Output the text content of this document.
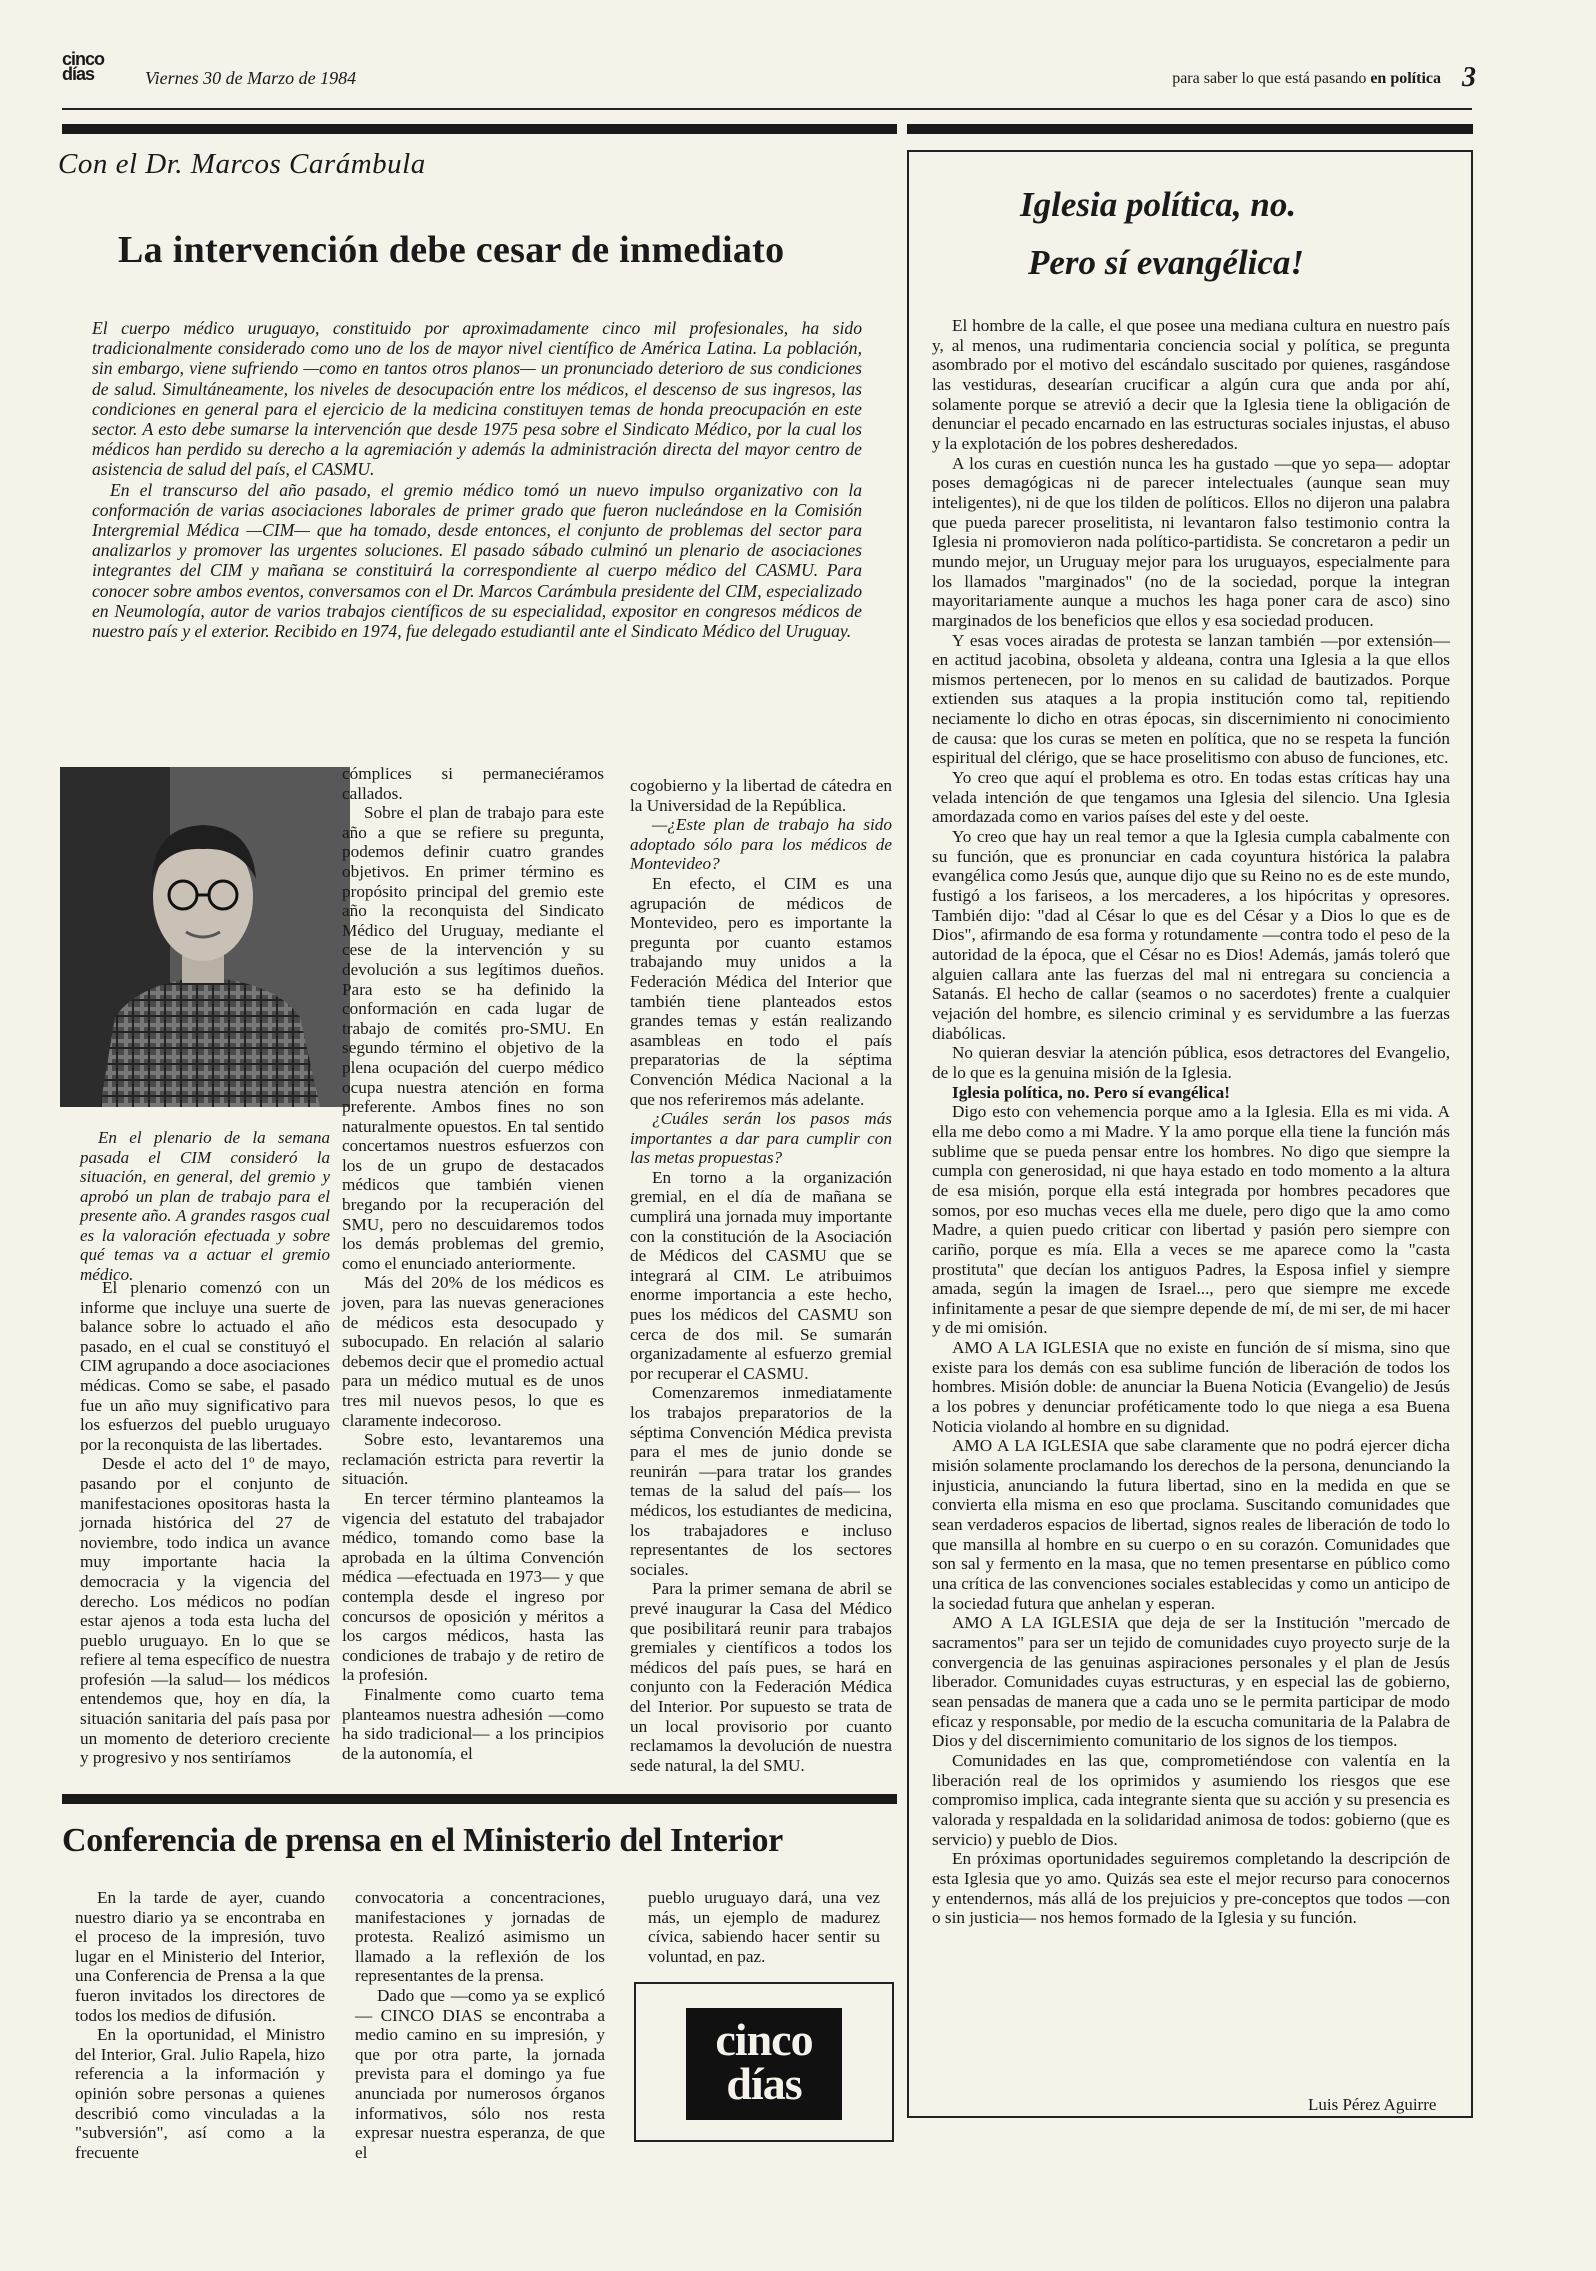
cinco
días	Viernes 30 de Marzo de 1984	para saber lo que está pasando en política 3
Con el Dr. Marcos Carámbula
La intervención debe cesar de inmediato

El cuerpo médico uruguayo, constituido por aproximadamente cinco mil profesionales, ha sido tradicionalmente considerado como uno de los de mayor nivel científico de América Latina. La población, sin embargo, viene sufriendo —como en tantos otros planos— un pronunciado deterioro de sus condiciones de salud. Simultáneamente, los niveles de desocupación entre los médicos, el descenso de sus ingresos, las condiciones en general para el ejercicio de la medicina constituyen temas de honda preocupación en este sector. A esto debe sumarse la intervención que desde 1975 pesa sobre el Sindicato Médico, por la cual los médicos han perdido su derecho a la agremiación y además la administración directa del mayor centro de asistencia de salud del país, el CASMU.

En el transcurso del año pasado, el gremio médico tomó un nuevo impulso organizativo con la conformación de varias asociaciones laborales de primer grado que fueron nucleándose en la Comisión Intergremial Médica —CIM— que ha tomado, desde entonces, el conjunto de problemas del sector para analizarlos y promover las urgentes soluciones. El pasado sábado culminó un plenario de asociaciones integrantes del CIM y mañana se constituirá la correspondiente al cuerpo médico del CASMU. Para conocer sobre ambos eventos, conversamos con el Dr. Marcos Carámbula presidente del CIM, especializado en Neumología, autor de varios trabajos científicos de su especialidad, expositor en congresos médicos de nuestro país y el exterior. Recibido en 1974, fue delegado estudiantil ante el Sindicato Médico del Uruguay.

En el plenario de la semana pasada el CIM consideró la situación, en general, del gremio y aprobó un plan de trabajo para el presente año. A grandes rasgos cual es la valoración efectuada y sobre qué temas va a actuar el gremio médico.

El plenario comenzó con un informe que incluye una suerte de balance sobre lo actuado el año pasado, en el cual se constituyó el CIM agrupando a doce asociaciones médicas. Como se sabe, el pasado fue un año muy significativo para los esfuerzos del pueblo uruguayo por la reconquista de las libertades.

Desde el acto del 1º de mayo, pasando por el conjunto de manifestaciones opositoras hasta la jornada histórica del 27 de noviembre, todo indica un avance muy importante hacia la democracia y la vigencia del derecho. Los médicos no podían estar ajenos a toda esta lucha del pueblo uruguayo. En lo que se refiere al tema específico de nuestra profesión —la salud— los médicos entendemos que, hoy en día, la situación sanitaria del país pasa por un momento de deterioro creciente y progresivo y nos sentiríamos

cómplices si permaneciéramos callados.

Sobre el plan de trabajo para este año a que se refiere su pregunta, podemos definir cuatro grandes objetivos. En primer término es propósito principal del gremio este año la reconquista del Sindicato Médico del Uruguay, mediante el cese de la intervención y su devolución a sus legítimos dueños. Para esto se ha definido la conformación en cada lugar de trabajo de comités pro-SMU. En segundo término el objetivo de la plena ocupación del cuerpo médico ocupa nuestra atención en forma preferente. Ambos fines no son naturalmente opuestos. En tal sentido concertamos nuestros esfuerzos con los de un grupo de destacados médicos que también vienen bregando por la recuperación del SMU, pero no descuidaremos todos los demás problemas del gremio, como el enunciado anteriormente.

Más del 20% de los médicos es joven, para las nuevas generaciones de médicos esta desocupado y subocupado. En relación al salario debemos decir que el promedio actual para un médico mutual es de unos tres mil nuevos pesos, lo que es claramente indecoroso.

Sobre esto, levantaremos una reclamación estricta para revertir la situación.

En tercer término planteamos la vigencia del estatuto del trabajador médico, tomando como base la aprobada en la última Convención médica —efectuada en 1973— y que contempla desde el ingreso por concursos de oposición y méritos a los cargos médicos, hasta las condiciones de trabajo y de retiro de la profesión.

Finalmente como cuarto tema planteamos nuestra adhesión —como ha sido tradicional— a los principios de la autonomía, el

cogobierno y la libertad de cátedra en la Universidad de la República.

—¿Este plan de trabajo ha sido adoptado sólo para los médicos de Montevideo?

En efecto, el CIM es una agrupación de médicos de Montevideo, pero es importante la pregunta por cuanto estamos trabajando muy unidos a la Federación Médica del Interior que también tiene planteados estos grandes temas y están realizando asambleas en todo el país preparatorias de la séptima Convención Médica Nacional a la que nos referiremos más adelante.

¿Cuáles serán los pasos más importantes a dar para cumplir con las metas propuestas?

En torno a la organización gremial, en el día de mañana se cumplirá una jornada muy importante con la constitución de la Asociación de Médicos del CASMU que se integrará al CIM. Le atribuimos enorme importancia a este hecho, pues los médicos del CASMU son cerca de dos mil. Se sumarán organizadamente al esfuerzo gremial por recuperar el CASMU.

Comenzaremos inmediatamente los trabajos preparatorios de la séptima Convención Médica prevista para el mes de junio donde se reunirán —para tratar los grandes temas de la salud del país— los médicos, los estudiantes de medicina, los trabajadores e incluso representantes de los sectores sociales.

Para la primer semana de abril se prevé inaugurar la Casa del Médico que posibilitará reunir para trabajos gremiales y científicos a todos los médicos del país pues, se hará en conjunto con la Federación Médica del Interior. Por supuesto se trata de un local provisorio por cuanto reclamamos la devolución de nuestra sede natural, la del SMU.

Conferencia de prensa en el Ministerio del Interior

En la tarde de ayer, cuando nuestro diario ya se encontraba en el proceso de la impresión, tuvo lugar en el Ministerio del Interior, una Conferencia de Prensa a la que fueron invitados los directores de todos los medios de difusión.

En la oportunidad, el Ministro del Interior, Gral. Julio Rapela, hizo referencia a la información y opinión sobre personas a quienes describió como vinculadas a la "subversión", así como a la frecuente

convocatoria a concentraciones, manifestaciones y jornadas de protesta. Realizó asimismo un llamado a la reflexión de los representantes de la prensa.

Dado que —como ya se explicó— CINCO DIAS se encontraba a medio camino en su impresión, y que por otra parte, la jornada prevista para el domingo ya fue anunciada por numerosos órganos informativos, sólo nos resta expresar nuestra esperanza, de que el

pueblo uruguayo dará, una vez más, un ejemplo de madurez cívica, sabiendo hacer sentir su voluntad, en paz.

cinco
días
Iglesia política, no.
Pero sí evangélica!

El hombre de la calle, el que posee una mediana cultura en nuestro país y, al menos, una rudimentaria conciencia social y política, se pregunta asombrado por el motivo del escándalo suscitado por quienes, rasgándose las vestiduras, desearían crucificar a algún cura que anda por ahí, solamente porque se atrevió a decir que la Iglesia tiene la obligación de denunciar el pecado encarnado en las estructuras sociales injustas, el abuso y la explotación de los pobres desheredados.

A los curas en cuestión nunca les ha gustado —que yo sepa— adoptar poses demagógicas ni de parecer intelectuales (aunque sean muy inteligentes), ni de que los tilden de políticos. Ellos no dijeron una palabra que pueda parecer proselitista, ni levantaron falso testimonio contra la Iglesia ni promovieron nada político-partidista. Se concretaron a pedir un mundo mejor, un Uruguay mejor para los uruguayos, especialmente para los llamados "marginados" (no de la sociedad, porque la integran mayoritariamente aunque a muchos les haga poner cara de asco) sino marginados de los beneficios que ellos y esa sociedad producen.

Y esas voces airadas de protesta se lanzan también —por extensión— en actitud jacobina, obsoleta y aldeana, contra una Iglesia a la que ellos mismos pertenecen, por lo menos en su calidad de bautizados. Porque extienden sus ataques a la propia institución como tal, repitiendo neciamente lo dicho en otras épocas, sin discernimiento ni conocimiento de causa: que los curas se meten en política, que no se respeta la función espiritual del clérigo, que se hace proselitismo con abuso de funciones, etc.

Yo creo que aquí el problema es otro. En todas estas críticas hay una velada intención de que tengamos una Iglesia del silencio. Una Iglesia amordazada como en varios países del este y del oeste.

Yo creo que hay un real temor a que la Iglesia cumpla cabalmente con su función, que es pronunciar en cada coyuntura histórica la palabra evangélica como Jesús que, aunque dijo que su Reino no es de este mundo, fustigó a los fariseos, a los mercaderes, a los hipócritas y opresores. También dijo: "dad al César lo que es del César y a Dios lo que es de Dios", afirmando de esa forma y rotundamente —contra todo el peso de la autoridad de la época, que el César no es Dios! Además, jamás toleró que alguien callara ante las fuerzas del mal ni entregara su conciencia a Satanás. El hecho de callar (seamos o no sacerdotes) frente a cualquier vejación del hombre, es silencio criminal y es servidumbre a las fuerzas diabólicas.

No quieran desviar la atención pública, esos detractores del Evangelio, de lo que es la genuina misión de la Iglesia.

Iglesia política, no. Pero sí evangélica!

Digo esto con vehemencia porque amo a la Iglesia. Ella es mi vida. A ella me debo como a mi Madre. Y la amo porque ella tiene la función más sublime que se pueda pensar entre los hombres. No digo que siempre la cumpla con generosidad, ni que haya estado en todo momento a la altura de esa misión, porque ella está integrada por hombres pecadores que somos, por eso muchas veces ella me duele, pero digo que la amo como Madre, a quien puedo criticar con libertad y pasión pero siempre con cariño, porque es mía. Ella a veces se me aparece como la "casta prostituta" que decían los antiguos Padres, la Esposa infiel y siempre amada, según la imagen de Israel..., pero que siempre me excede infinitamente a pesar de que siempre depende de mí, de mi ser, de mi hacer y de mi omisión.

AMO A LA IGLESIA que no existe en función de sí misma, sino que existe para los demás con esa sublime función de liberación de todos los hombres. Misión doble: de anunciar la Buena Noticia (Evangelio) de Jesús a los pobres y denunciar proféticamente todo lo que niega a esa Buena Noticia violando al hombre en su dignidad.

AMO A LA IGLESIA que sabe claramente que no podrá ejercer dicha misión solamente proclamando los derechos de la persona, denunciando la injusticia, anunciando la futura libertad, sino en la medida en que se convierta ella misma en eso que proclama. Suscitando comunidades que sean verdaderos espacios de libertad, signos reales de liberación de todo lo que mansilla al hombre en su cuerpo o en su corazón. Comunidades que son sal y fermento en la masa, que no temen presentarse en público como una crítica de las convenciones sociales establecidas y como un anticipo de la sociedad futura que anhelan y esperan.

AMO A LA IGLESIA que deja de ser la Institución "mercado de sacramentos" para ser un tejido de comunidades cuyo proyecto surje de la convergencia de las genuinas aspiraciones personales y el plan de Jesús liberador. Comunidades cuyas estructuras, y en especial las de gobierno, sean pensadas de manera que a cada uno se le permita participar de modo eficaz y responsable, por medio de la escucha comunitaria de la Palabra de Dios y del discernimiento comunitario de los signos de los tiempos.

Comunidades en las que, comprometiéndose con valentía en la liberación real de los oprimidos y asumiendo los riesgos que ese compromiso implica, cada integrante sienta que su acción y su presencia es valorada y respaldada en la solidaridad animosa de todos: gobierno (que es servicio) y pueblo de Dios.

En próximas oportunidades seguiremos completando la descripción de esta Iglesia que yo amo. Quizás sea este el mejor recurso para conocernos y entendernos, más allá de los prejuicios y pre-conceptos que todos —con o sin justicia— nos hemos formado de la Iglesia y su función.

Luis Pérez Aguirre
